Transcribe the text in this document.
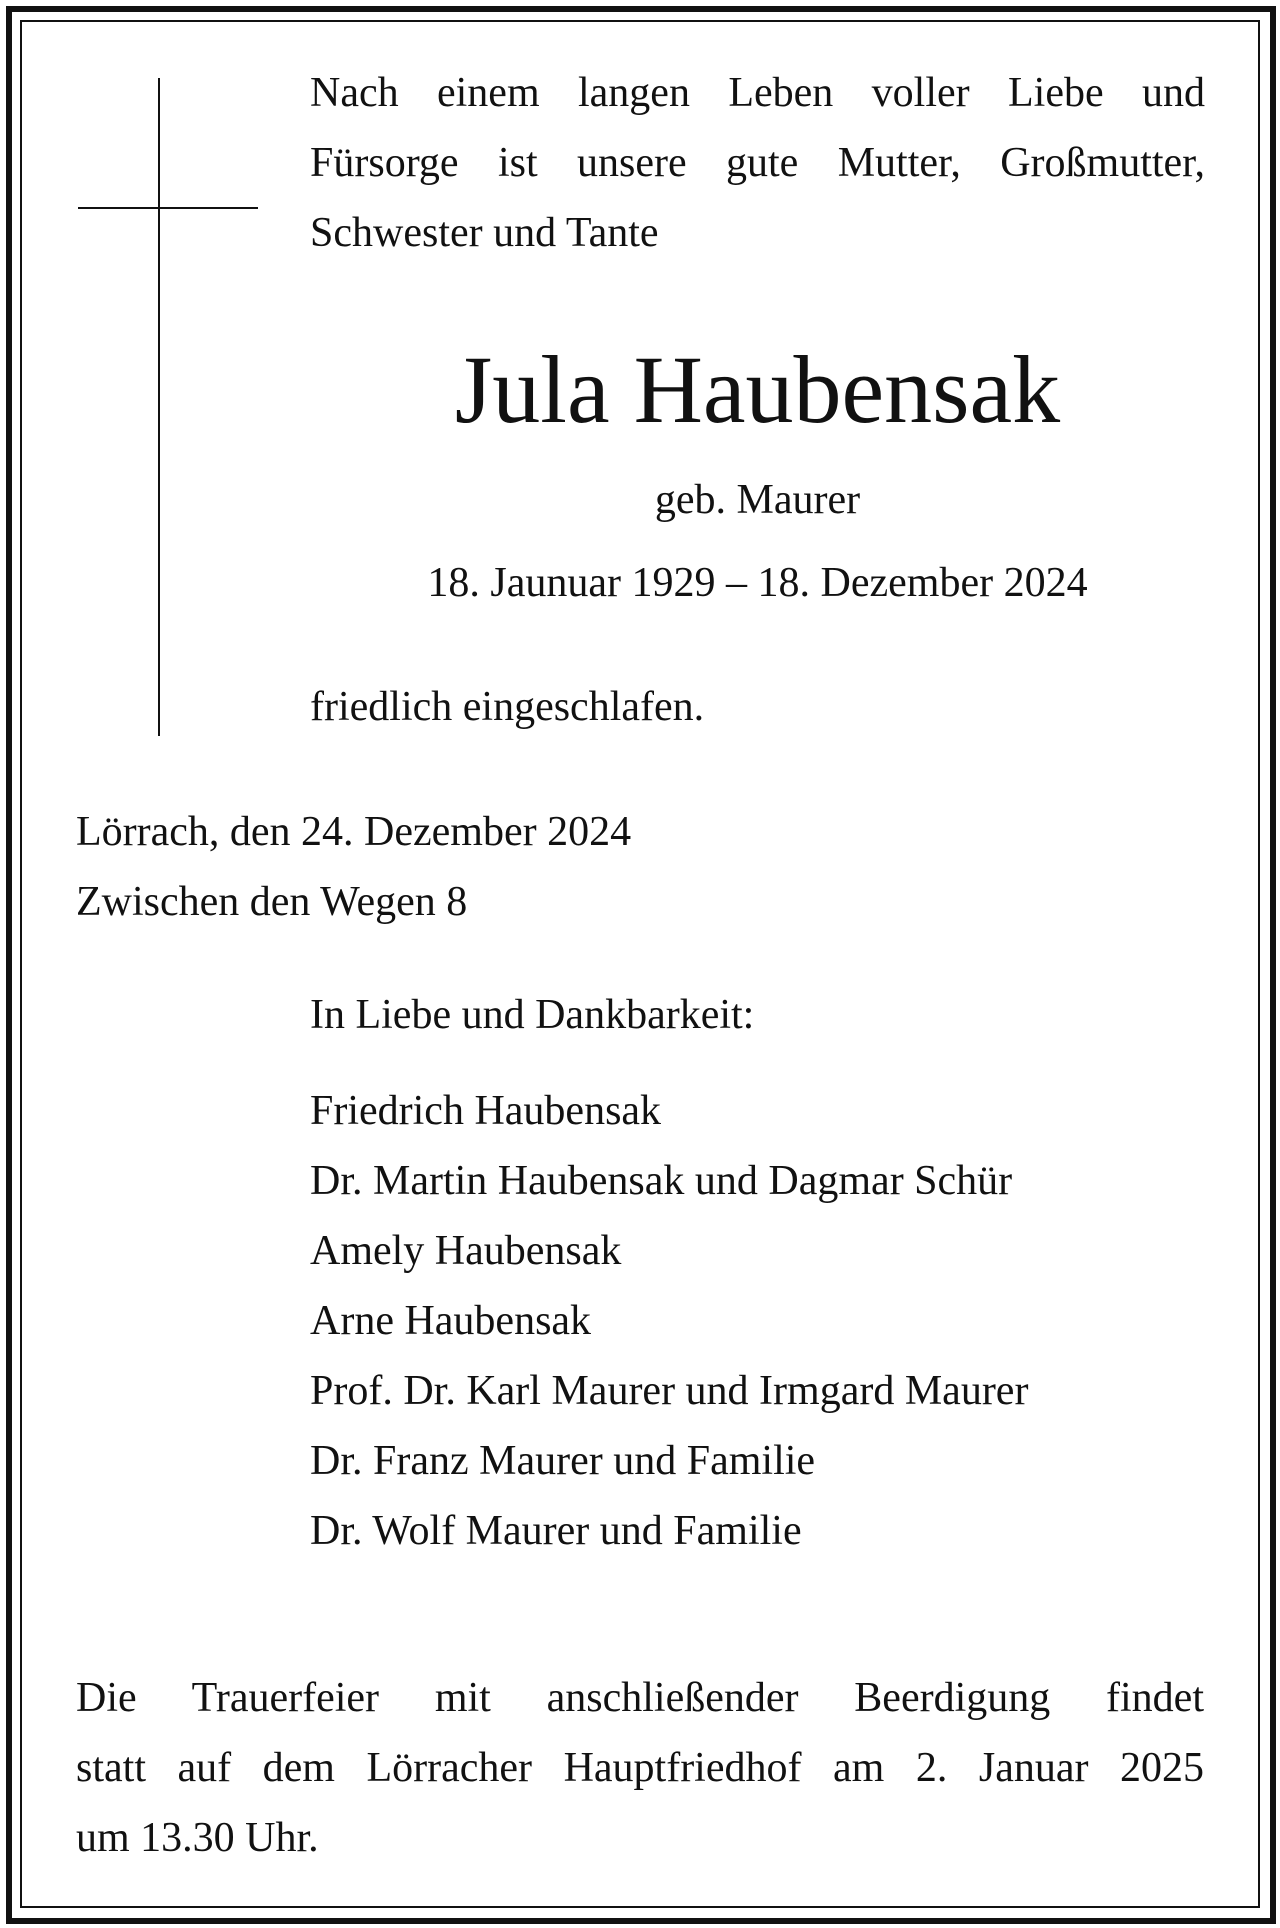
Nach einem langen Leben voller Liebe und
Fürsorge ist unsere gute Mutter, Großmutter,
Schwester und Tante

Jula Haubensak

geb. Maurer

18. Jaunuar 1929 – 18. Dezember 2024

friedlich eingeschlafen.

Lörrach, den 24. Dezember 2024

Zwischen den Wegen 8

In Liebe und Dankbarkeit:

Friedrich Haubensak
Dr. Martin Haubensak und Dagmar Schür
Amely Haubensak
Arne Haubensak
Prof. Dr. Karl Maurer und Irmgard Maurer
Dr. Franz Maurer und Familie
Dr. Wolf Maurer und Familie

Die Trauerfeier mit anschließender Beerdigung findet
statt auf dem Lörracher Hauptfriedhof am 2. Januar 2025
um 13.30 Uhr.
